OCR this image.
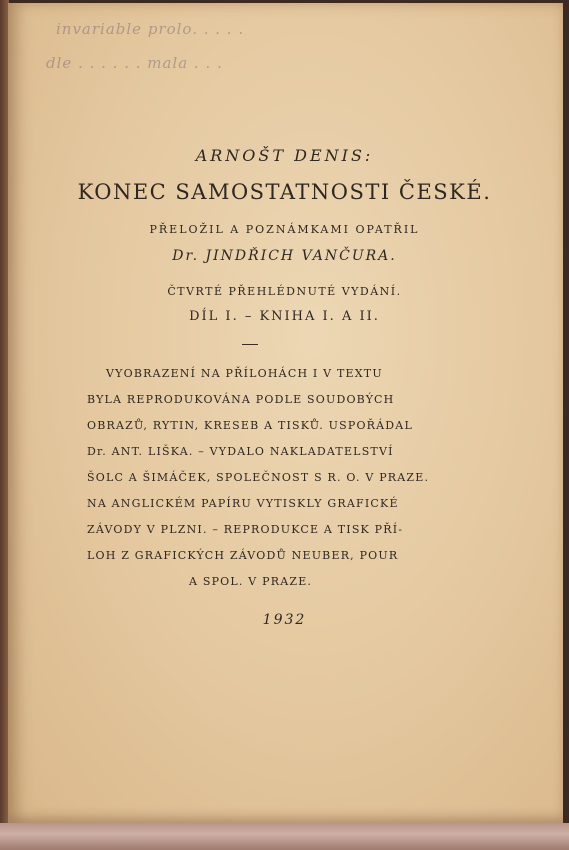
invariable prolo. . . . .
dle . . . . . . mala . . .
ARNOŠT DENIS:
KONEC SAMOSTATNOSTI ČESKÉ.
PŘELOŽIL A POZNÁMKAMI OPATŘIL
Dr. JINDŘICH VANČURA.
ČTVRTÉ PŘEHLÉDNUTÉ VYDÁNÍ.
DÍL I. – KNIHA I. A II.
VYOBRAZENÍ NA PŘÍLOHÁCH I V TEXTU
BYLA REPRODUKOVÁNA PODLE SOUDOBÝCH
OBRAZŮ, RYTIN, KRESEB A TISKŮ. USPOŘÁDAL
Dr. ANT. LIŠKA. – VYDALO NAKLADATELSTVÍ
ŠOLC A ŠIMÁČEK, SPOLEČNOST S R. O. V PRAZE.
NA ANGLICKÉM PAPÍRU VYTISKLY GRAFICKÉ
ZÁVODY V PLZNI. – REPRODUKCE A TISK PŘÍ-
LOH Z GRAFICKÝCH ZÁVODŮ NEUBER, POUR
A SPOL. V PRAZE.
1932
